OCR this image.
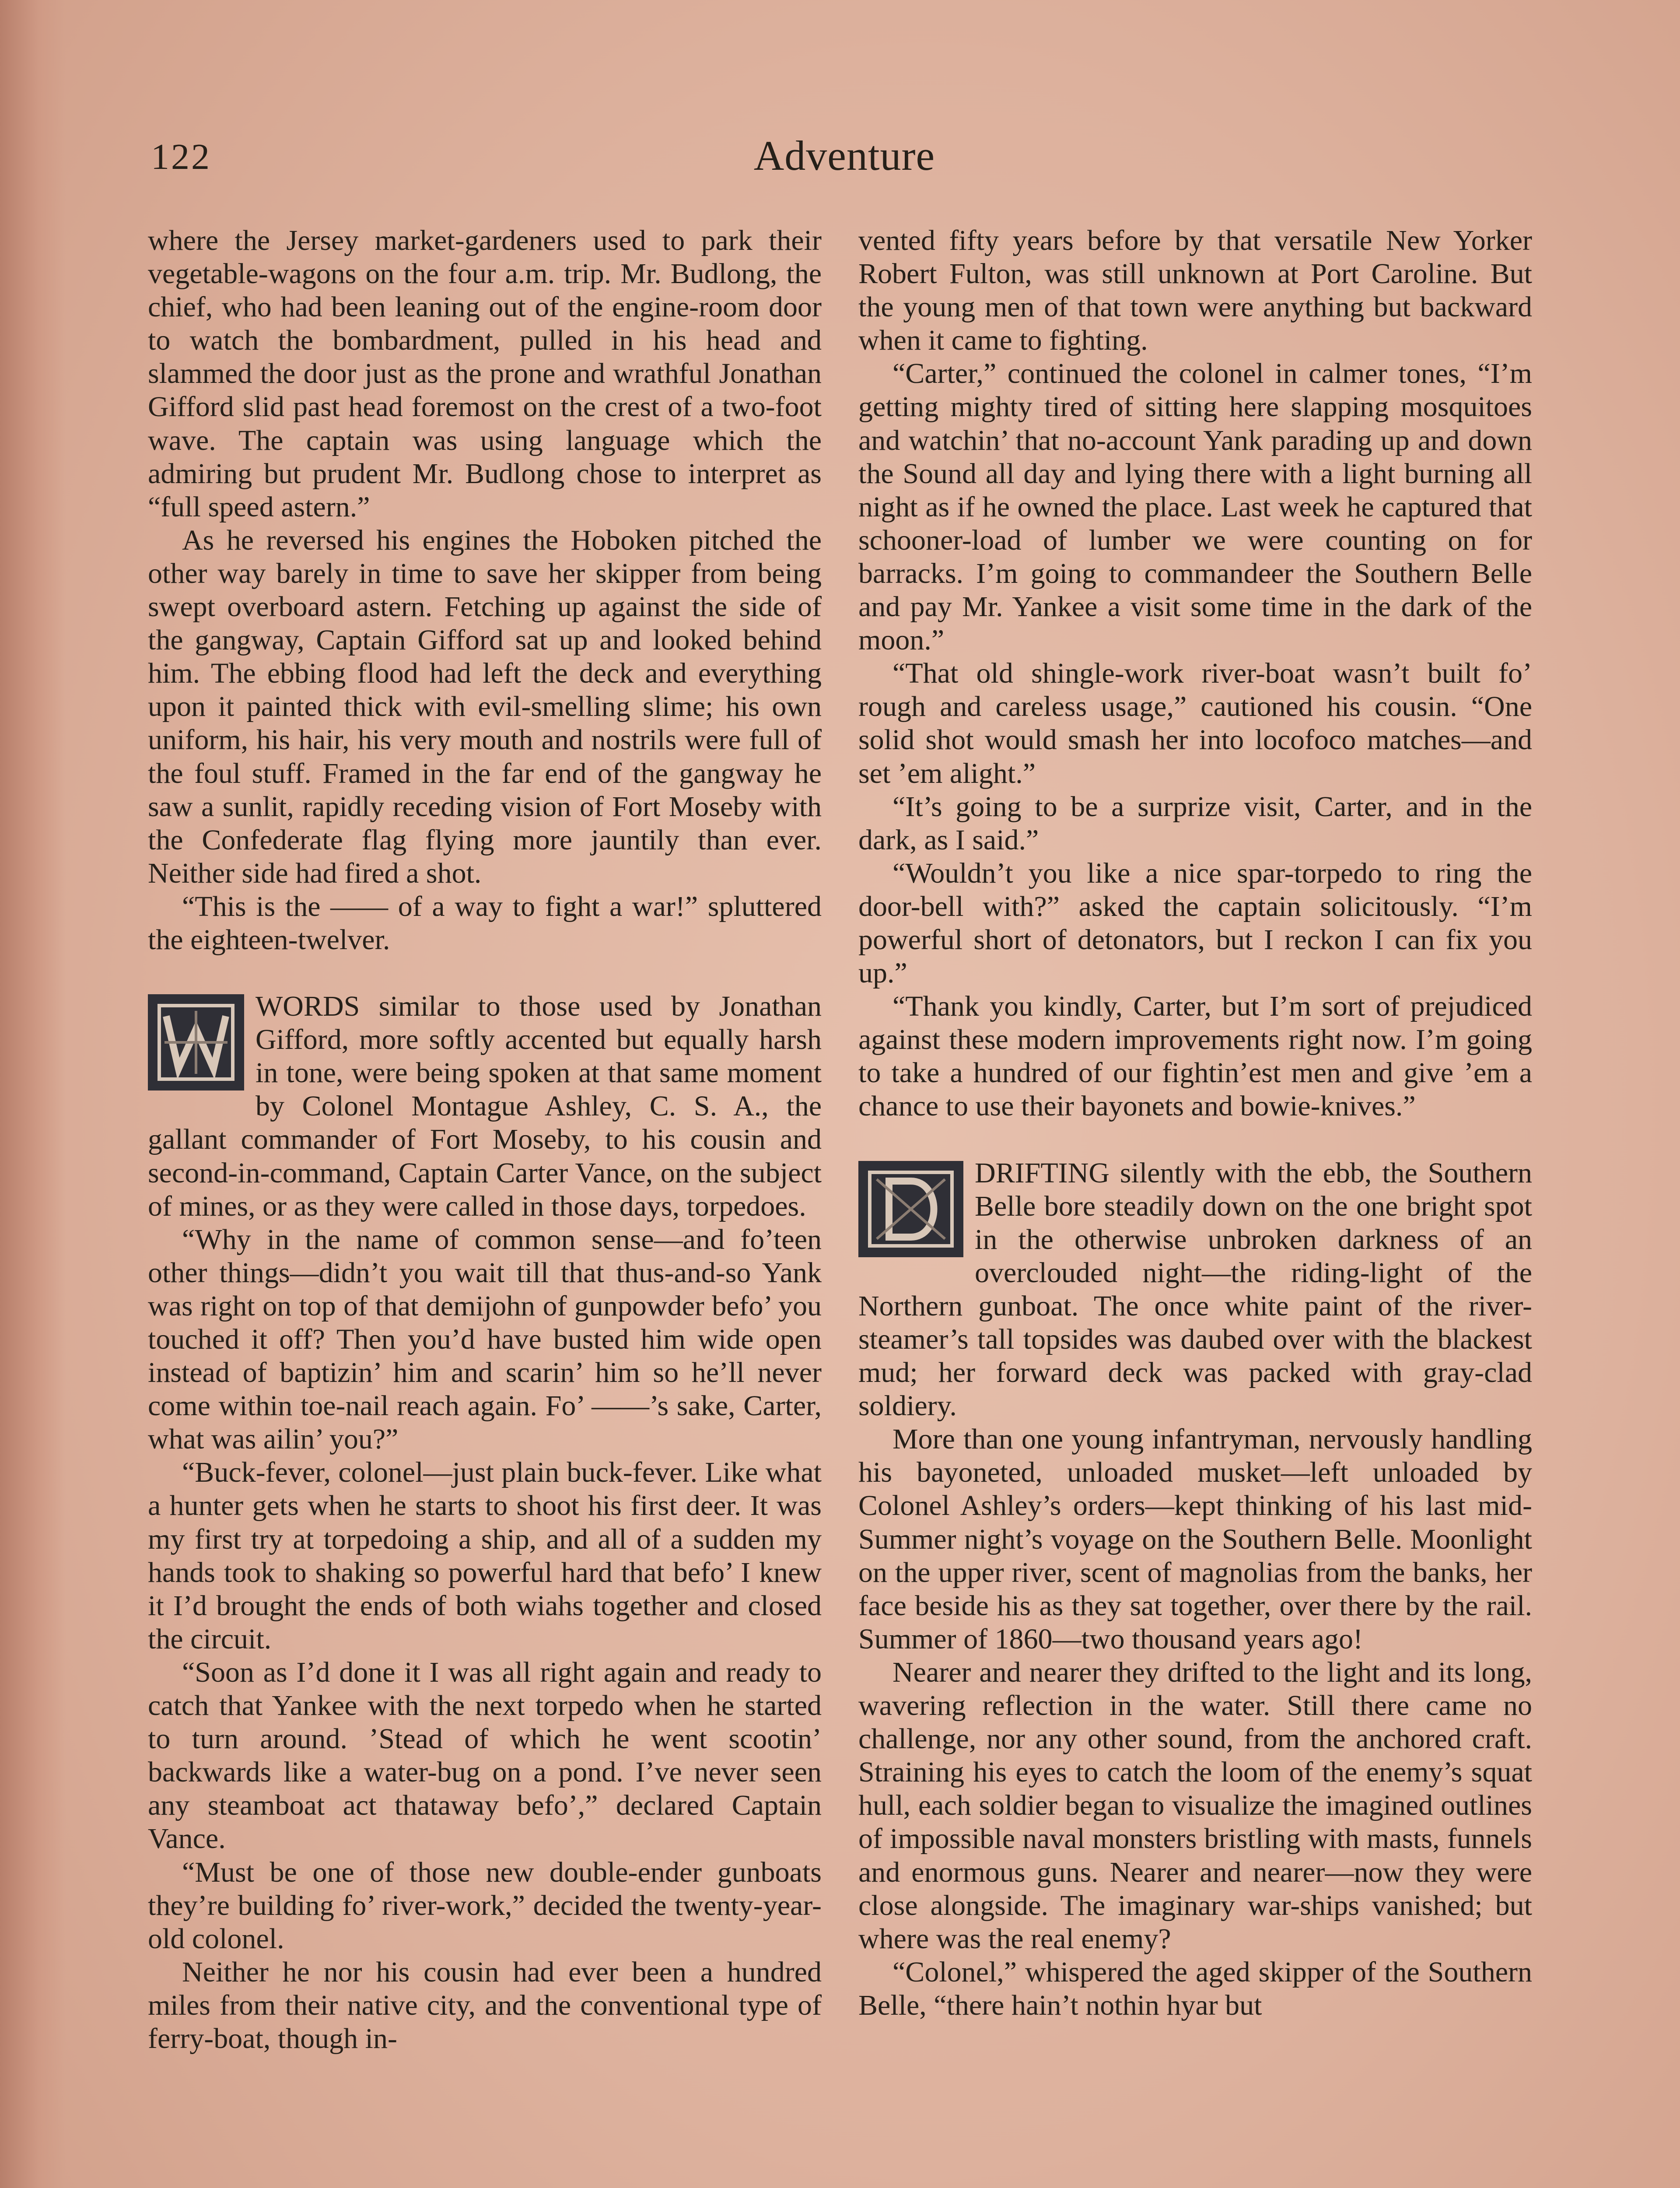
122	Adventure

where the Jersey market-gardeners used to park their vegetable-wagons on the four a.m. trip. Mr. Budlong, the chief, who had been leaning out of the engine-room door to watch the bombardment, pulled in his head and slammed the door just as the prone and wrathful Jonathan Gifford slid past head foremost on the crest of a two-foot wave. The captain was using language which the admiring but prudent Mr. Budlong chose to interpret as “full speed astern.”

As he reversed his engines the Hoboken pitched the other way barely in time to save her skipper from being swept overboard astern. Fetching up against the side of the gangway, Captain Gifford sat up and looked behind him. The ebbing flood had left the deck and everything upon it painted thick with evil-smelling slime; his own uniform, his hair, his very mouth and nostrils were full of the foul stuff. Framed in the far end of the gangway he saw a sunlit, rapidly receding vision of Fort Moseby with the Confederate flag flying more jauntily than ever. Neither side had fired a shot.

“This is the —— of a way to fight a war!” spluttered the eighteen-twelver.

WORDS similar to those used by Jonathan Gifford, more softly accented but equally harsh in tone, were being spoken at that same moment by Colonel Montague Ashley, C. S. A., the gallant commander of Fort Moseby, to his cousin and second-in-command, Captain Carter Vance, on the subject of mines, or as they were called in those days, torpedoes.

“Why in the name of common sense—and fo’teen other things—didn’t you wait till that thus-and-so Yank was right on top of that demijohn of gunpowder befo’ you touched it off? Then you’d have busted him wide open instead of baptizin’ him and scarin’ him so he’ll never come within toe-nail reach again. Fo’ ——’s sake, Carter, what was ailin’ you?”

“Buck-fever, colonel—just plain buck-fever. Like what a hunter gets when he starts to shoot his first deer. It was my first try at torpedoing a ship, and all of a sudden my hands took to shaking so powerful hard that befo’ I knew it I’d brought the ends of both wiahs together and closed the circuit.

“Soon as I’d done it I was all right again and ready to catch that Yankee with the next torpedo when he started to turn around. ’Stead of which he went scootin’ backwards like a water-bug on a pond. I’ve never seen any steamboat act thataway befo’,” declared Captain Vance.

“Must be one of those new double-ender gunboats they’re building fo’ river-work,” decided the twenty-year-old colonel.

Neither he nor his cousin had ever been a hundred miles from their native city, and the conventional type of ferry-boat, though in-

vented fifty years before by that versatile New Yorker Robert Fulton, was still unknown at Port Caroline. But the young men of that town were anything but backward when it came to fighting.

“Carter,” continued the colonel in calmer tones, “I’m getting mighty tired of sitting here slapping mosquitoes and watchin’ that no-account Yank parading up and down the Sound all day and lying there with a light burning all night as if he owned the place. Last week he captured that schooner-load of lumber we were counting on for barracks. I’m going to commandeer the Southern Belle and pay Mr. Yankee a visit some time in the dark of the moon.”

“That old shingle-work river-boat wasn’t built fo’ rough and careless usage,” cautioned his cousin. “One solid shot would smash her into locofoco matches—and set ’em alight.”

“It’s going to be a surprize visit, Carter, and in the dark, as I said.”

“Wouldn’t you like a nice spar-torpedo to ring the door-bell with?” asked the captain solicitously. “I’m powerful short of detonators, but I reckon I can fix you up.”

“Thank you kindly, Carter, but I’m sort of prejudiced against these modern improvements right now. I’m going to take a hundred of our fightin’est men and give ’em a chance to use their bayonets and bowie-knives.”

DRIFTING silently with the ebb, the Southern Belle bore steadily down on the one bright spot in the otherwise unbroken darkness of an overclouded night—the riding-light of the Northern gunboat. The once white paint of the river-steamer’s tall topsides was daubed over with the blackest mud; her forward deck was packed with gray-clad soldiery.

More than one young infantryman, nervously handling his bayoneted, unloaded musket—left unloaded by Colonel Ashley’s orders—kept thinking of his last mid-Summer night’s voyage on the Southern Belle. Moonlight on the upper river, scent of magnolias from the banks, her face beside his as they sat together, over there by the rail. Summer of 1860—two thousand years ago!

Nearer and nearer they drifted to the light and its long, wavering reflection in the water. Still there came no challenge, nor any other sound, from the anchored craft. Straining his eyes to catch the loom of the enemy’s squat hull, each soldier began to visualize the imagined outlines of impossible naval monsters bristling with masts, funnels and enormous guns. Nearer and nearer—now they were close alongside. The imaginary war-ships vanished; but where was the real enemy?

“Colonel,” whispered the aged skipper of the Southern Belle, “there hain’t nothin hyar but
